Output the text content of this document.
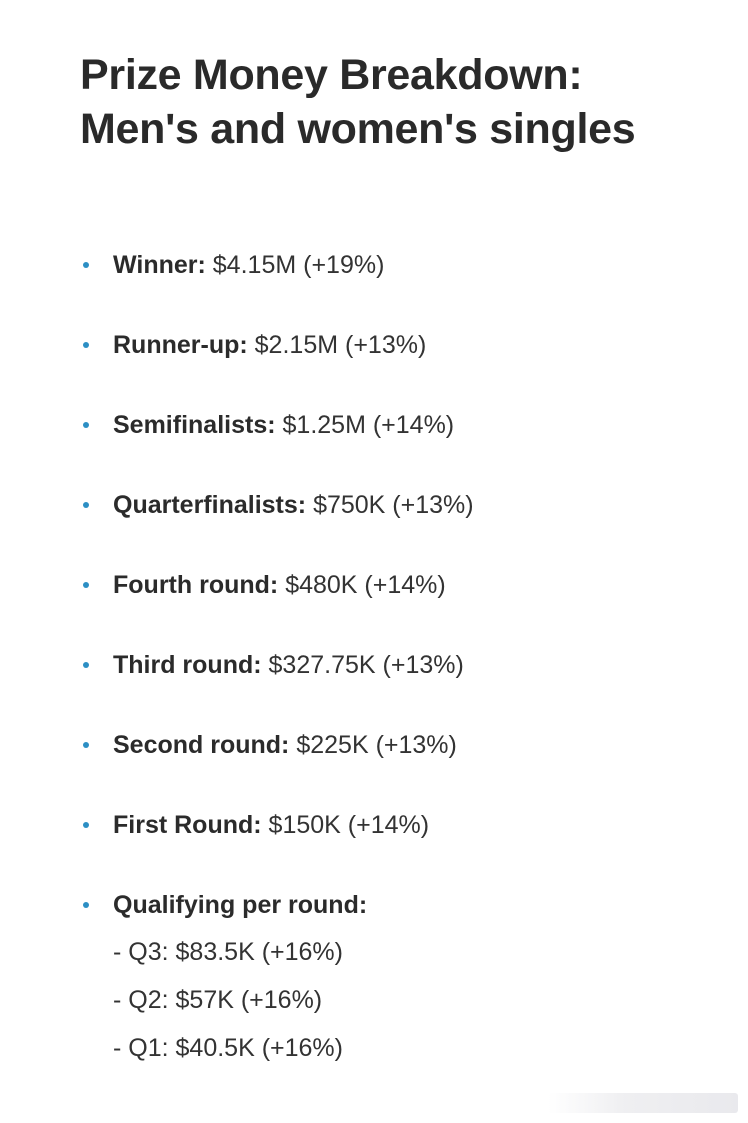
Prize Money Breakdown:
Men's and women's singles
Winner: $4.15M (+19%)
Runner-up: $2.15M (+13%)
Semifinalists: $1.25M (+14%)
Quarterfinalists: $750K (+13%)
Fourth round: $480K (+14%)
Third round: $327.75K (+13%)
Second round: $225K (+13%)
First Round: $150K (+14%)
Qualifying per round:
- Q3: $83.5K (+16%)
- Q2: $57K (+16%)
- Q1: $40.5K (+16%)
